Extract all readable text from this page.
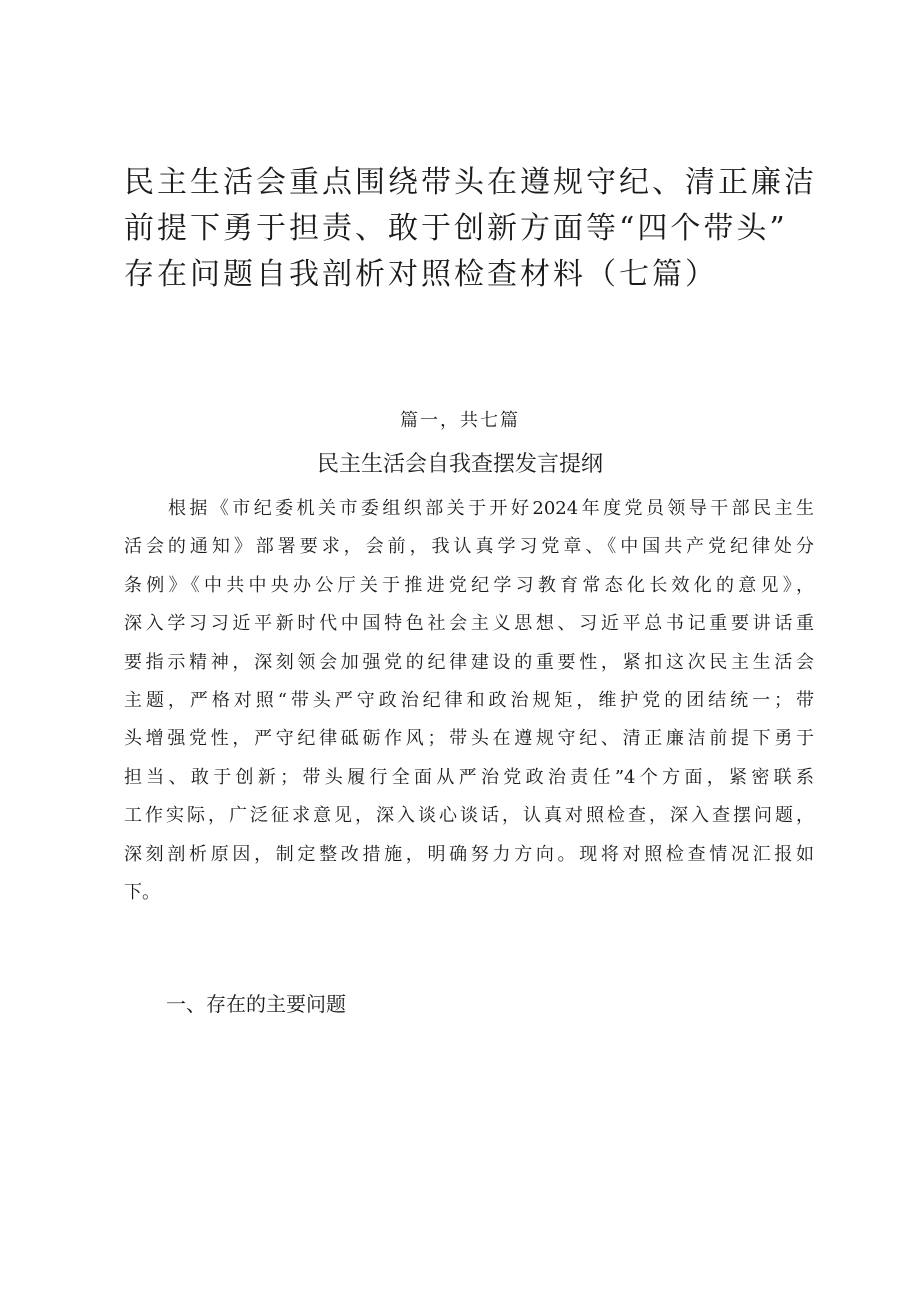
民主生活会重点围绕带头在遵规守纪、清正廉洁
前提下勇于担责、敢于创新方面等“四个带头”
存在问题自我剖析对照检查材料（七篇）

篇一，共七篇

民主生活会自我查摆发言提纲

根据《市纪委机关市委组织部关于开好2024年度党员领导干部民主生
活会的通知》部署要求，会前，我认真学习党章、《中国共产党纪律处分
条例》《中共中央办公厅关于推进党纪学习教育常态化长效化的意见》，
深入学习习近平新时代中国特色社会主义思想、习近平总书记重要讲话重
要指示精神，深刻领会加强党的纪律建设的重要性，紧扣这次民主生活会
主题，严格对照“带头严守政治纪律和政治规矩，维护党的团结统一；带
头增强党性，严守纪律砥砺作风；带头在遵规守纪、清正廉洁前提下勇于
担当、敢于创新；带头履行全面从严治党政治责任”4个方面，紧密联系
工作实际，广泛征求意见，深入谈心谈话，认真对照检查，深入查摆问题，
深刻剖析原因，制定整改措施，明确努力方向。现将对照检查情况汇报如
下。

一、存在的主要问题
